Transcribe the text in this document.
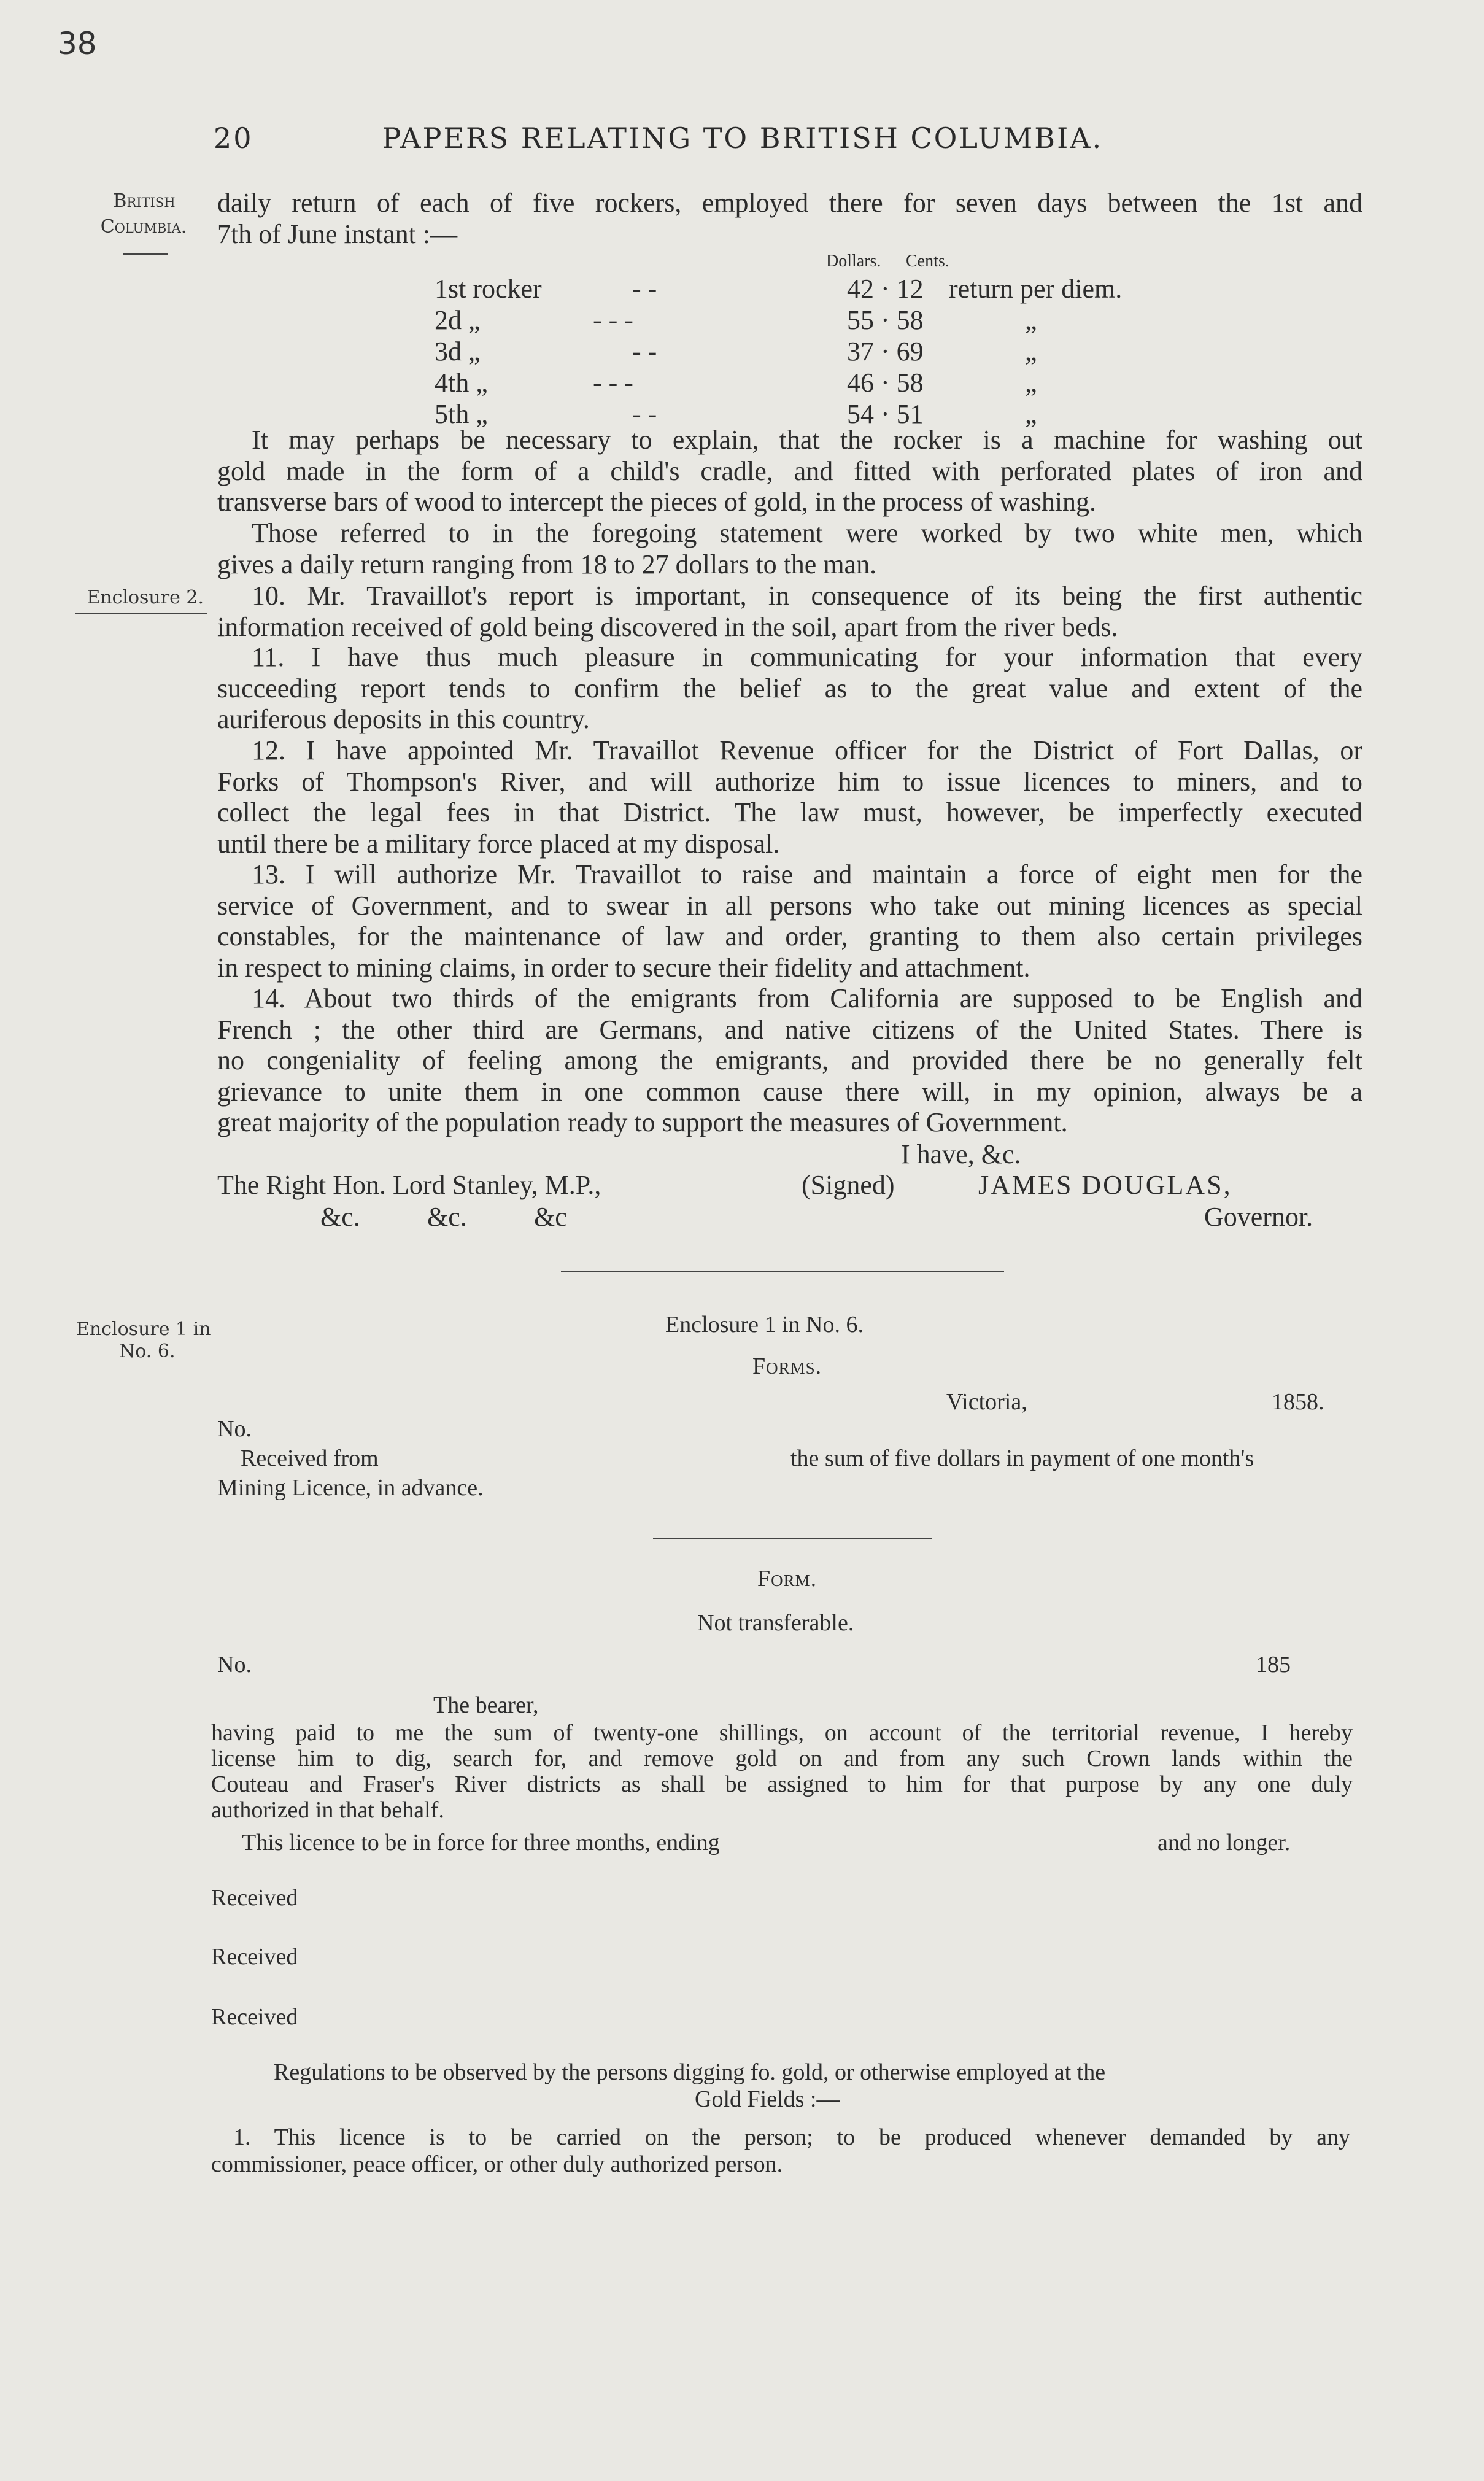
38
20	PAPERS RELATING TO BRITISH COLUMBIA.
British
Columbia.
Enclosure 2.
Enclosure 1 in
No. 6.
daily return of each of five rockers, employed there for seven days between the 1st and
7th of June instant :—
Dollars. Cents.
1st rocker	- -	42 · 12 return per diem.
2d „	- - -	55 · 58	„
3d „	- -	37 · 69	„
4th „	- - -	46 · 58	„
5th „	- -	54 · 51	„
It may perhaps be necessary to explain, that the rocker is a machine for washing out
gold made in the form of a child's cradle, and fitted with perforated plates of iron and
transverse bars of wood to intercept the pieces of gold, in the process of washing.
Those referred to in the foregoing statement were worked by two white men, which
gives a daily return ranging from 18 to 27 dollars to the man.
10. Mr. Travaillot's report is important, in consequence of its being the first authentic
information received of gold being discovered in the soil, apart from the river beds.
11. I have thus much pleasure in communicating for your information that every
succeeding report tends to confirm the belief as to the great value and extent of the
auriferous deposits in this country.
12. I have appointed Mr. Travaillot Revenue officer for the District of Fort Dallas, or
Forks of Thompson's River, and will authorize him to issue licences to miners, and to
collect the legal fees in that District. The law must, however, be imperfectly executed
until there be a military force placed at my disposal.
13. I will authorize Mr. Travaillot to raise and maintain a force of eight men for the
service of Government, and to swear in all persons who take out mining licences as special
constables, for the maintenance of law and order, granting to them also certain privileges
in respect to mining claims, in order to secure their fidelity and attachment.
14. About two thirds of the emigrants from California are supposed to be English and
French ; the other third are Germans, and native citizens of the United States. There is
no congeniality of feeling among the emigrants, and provided there be no generally felt
grievance to unite them in one common cause there will, in my opinion, always be a
great majority of the population ready to support the measures of Government.
I have, &c.
The Right Hon. Lord Stanley, M.P.,	(Signed)	JAMES DOUGLAS,
&c. &c. &c	Governor.
Enclosure 1 in No. 6.
Forms.
Victoria,	1858.
No.
Received from	the sum of five dollars in payment of one month's
Mining Licence, in advance.
Form.
Not transferable.
No.	185
The bearer,
having paid to me the sum of twenty-one shillings, on account of the territorial revenue, I hereby
license him to dig, search for, and remove gold on and from any such Crown lands within the
Couteau and Fraser's River districts as shall be assigned to him for that purpose by any one duly
authorized in that behalf.
This licence to be in force for three months, ending	and no longer.
Received
Received
Received
Regulations to be observed by the persons digging fo. gold, or otherwise employed at the
Gold Fields :—
1. This licence is to be carried on the person; to be produced whenever demanded by any
commissioner, peace officer, or other duly authorized person.
